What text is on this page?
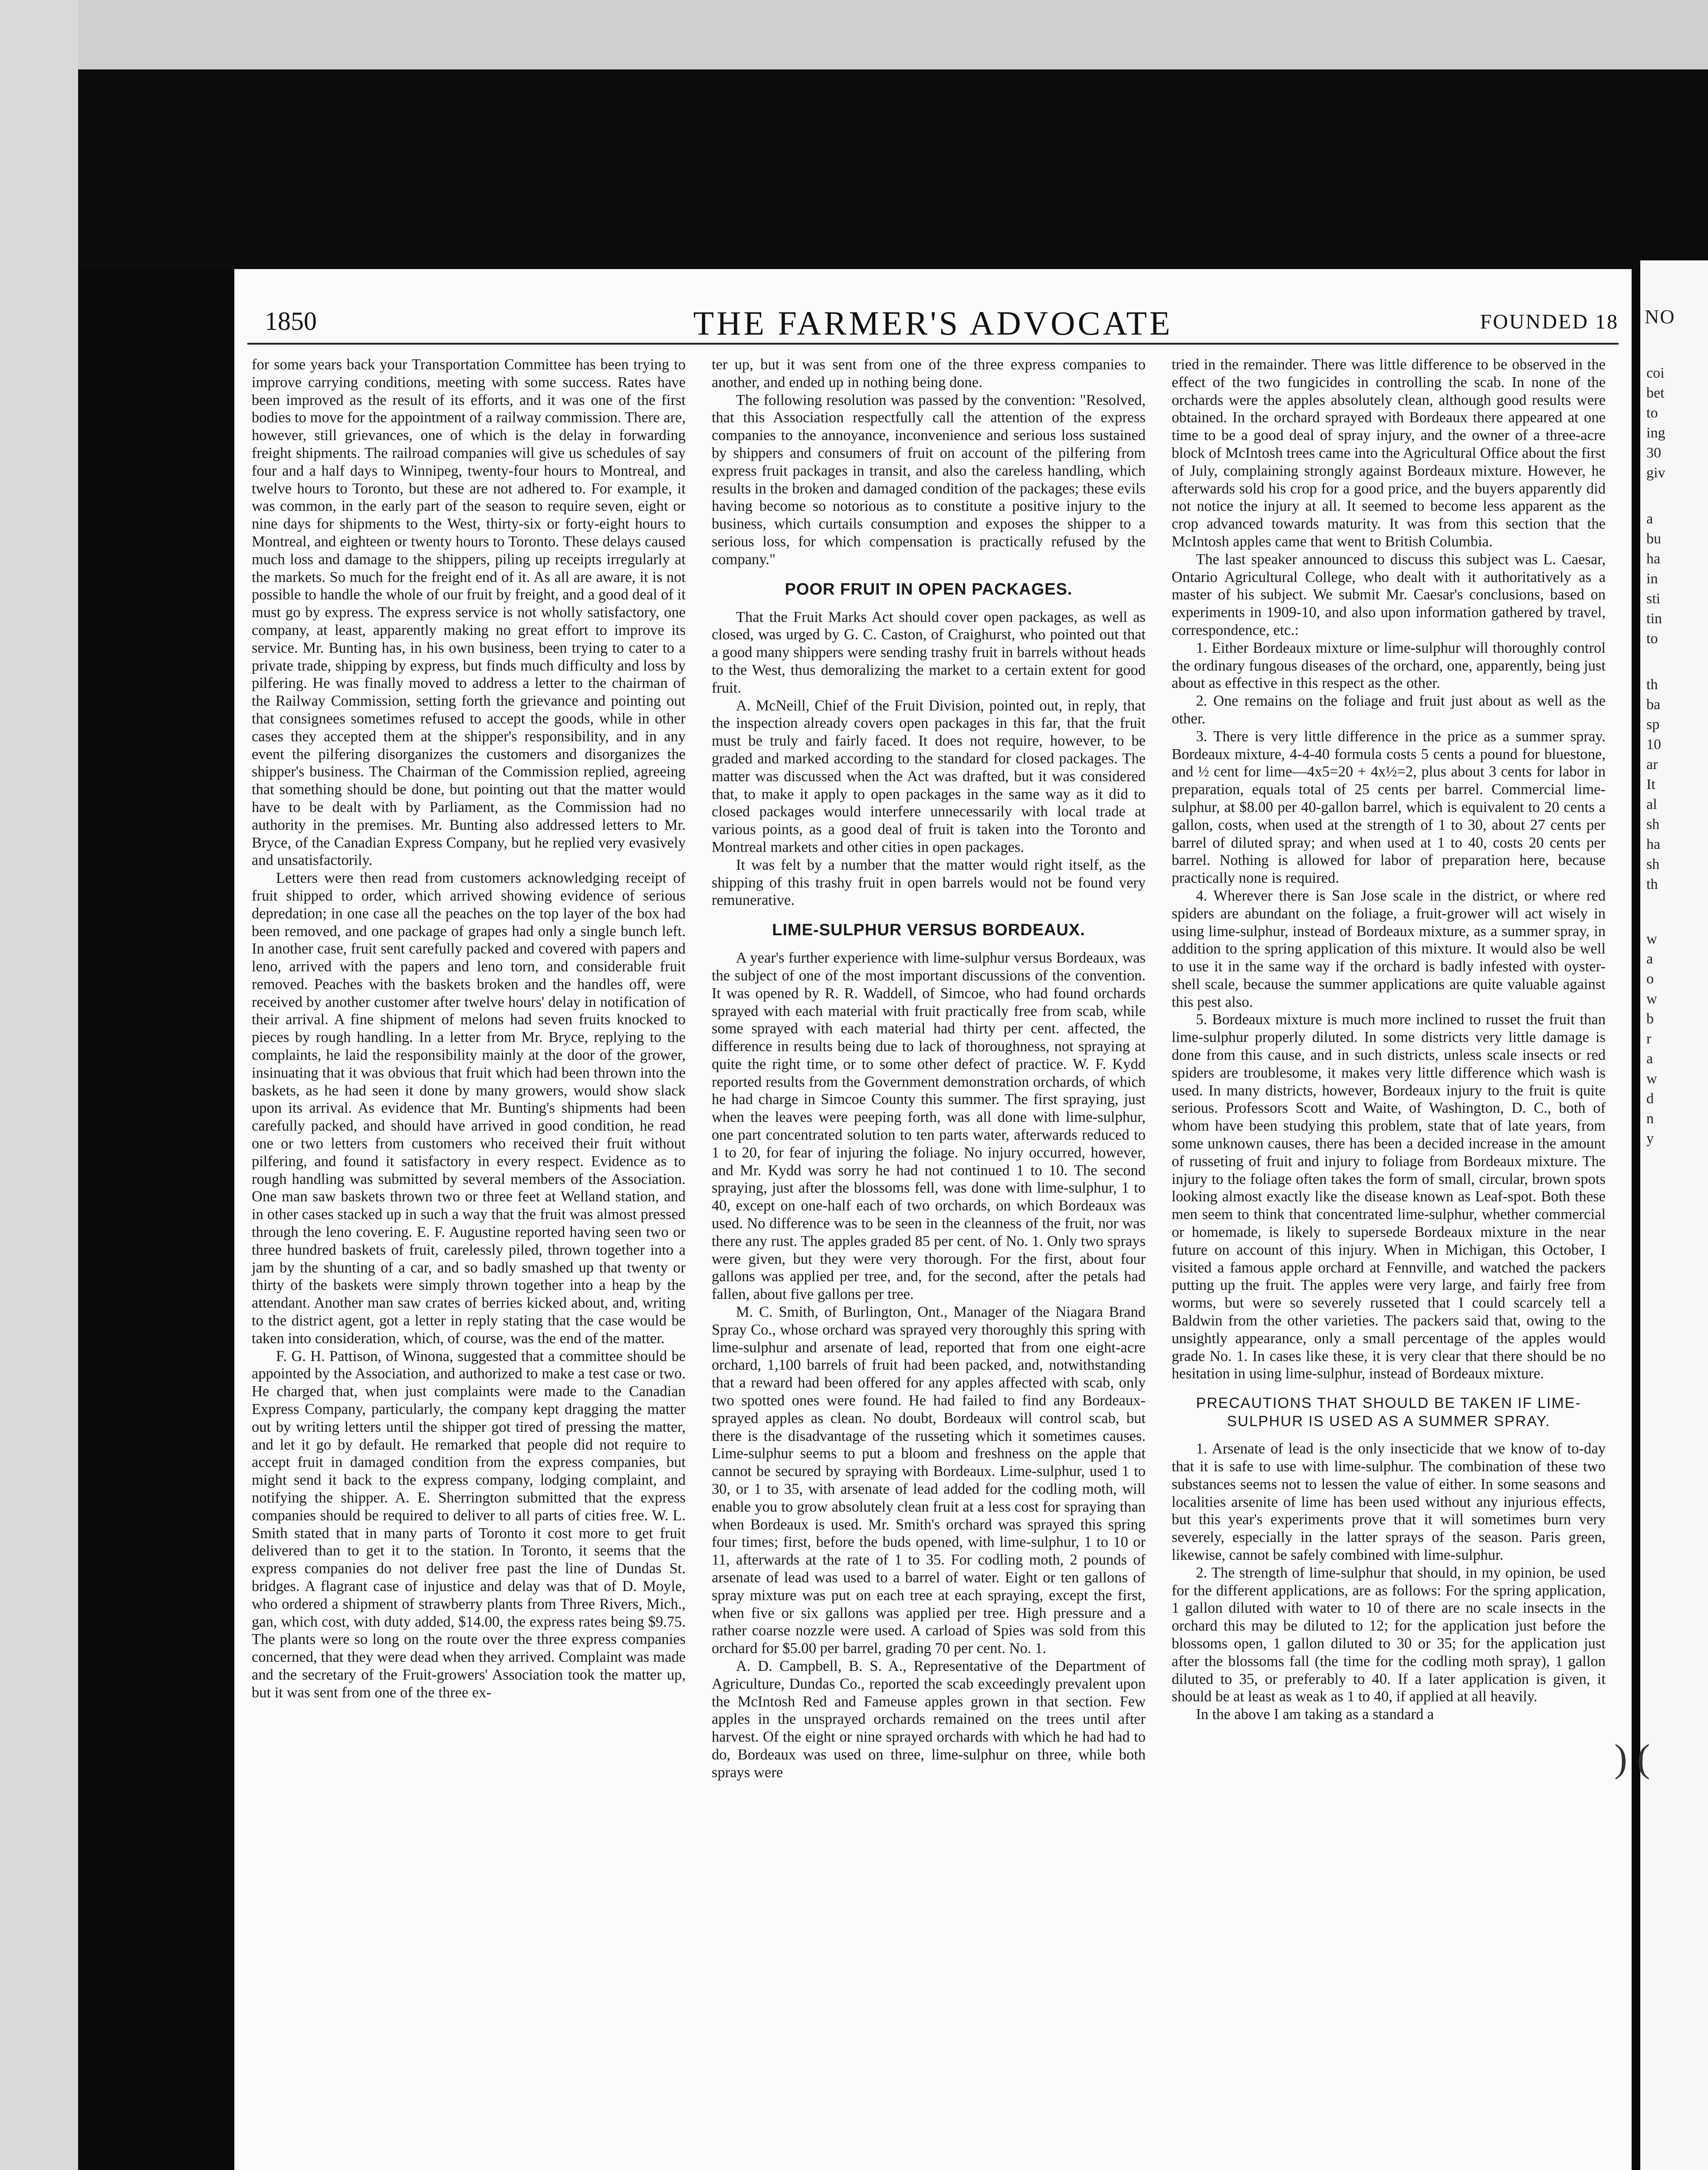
NO
coi
bet
to
ing
30
giv
a
bu
ha
in
sti
tin
to
th
ba
sp
10
ar
It
al
sh
ha
sh
th
w
a
o
w
b
r
a
w
d
n
y
THE FARMER'S ADVOCATE
1850	FOUNDED 18

for some years back your Transportation Committee has been trying to improve carrying conditions, meeting with some success. Rates have been improved as the result of its efforts, and it was one of the first bodies to move for the appointment of a railway commission. There are, however, still grievances, one of which is the delay in forwarding freight shipments. The railroad companies will give us schedules of say four and a half days to Winnipeg, twenty-four hours to Montreal, and twelve hours to Toronto, but these are not adhered to. For example, it was common, in the early part of the season to require seven, eight or nine days for shipments to the West, thirty-six or forty-eight hours to Montreal, and eighteen or twenty hours to Toronto. These delays caused much loss and damage to the shippers, piling up receipts irregularly at the markets. So much for the freight end of it. As all are aware, it is not possible to handle the whole of our fruit by freight, and a good deal of it must go by express. The express service is not wholly satisfactory, one company, at least, apparently making no great effort to improve its service. Mr. Bunting has, in his own business, been trying to cater to a private trade, shipping by express, but finds much difficulty and loss by pilfering. He was finally moved to address a letter to the chairman of the Railway Commission, setting forth the grievance and pointing out that consignees sometimes refused to accept the goods, while in other cases they accepted them at the shipper's responsibility, and in any event the pilfering disorganizes the customers and disorganizes the shipper's business. The Chairman of the Commission replied, agreeing that something should be done, but pointing out that the matter would have to be dealt with by Parliament, as the Commission had no authority in the premises. Mr. Bunting also addressed letters to Mr. Bryce, of the Canadian Express Company, but he replied very evasively and unsatisfactorily.

Letters were then read from customers acknowledging receipt of fruit shipped to order, which arrived showing evidence of serious depredation; in one case all the peaches on the top layer of the box had been removed, and one package of grapes had only a single bunch left. In another case, fruit sent carefully packed and covered with papers and leno, arrived with the papers and leno torn, and considerable fruit removed. Peaches with the baskets broken and the handles off, were received by another customer after twelve hours' delay in notification of their arrival. A fine shipment of melons had seven fruits knocked to pieces by rough handling. In a letter from Mr. Bryce, replying to the complaints, he laid the responsibility mainly at the door of the grower, insinuating that it was obvious that fruit which had been thrown into the baskets, as he had seen it done by many growers, would show slack upon its arrival. As evidence that Mr. Bunting's shipments had been carefully packed, and should have arrived in good condition, he read one or two letters from customers who received their fruit without pilfering, and found it satisfactory in every respect. Evidence as to rough handling was submitted by several members of the Association. One man saw baskets thrown two or three feet at Welland station, and in other cases stacked up in such a way that the fruit was almost pressed through the leno covering. E. F. Augustine reported having seen two or three hundred baskets of fruit, carelessly piled, thrown together into a jam by the shunting of a car, and so badly smashed up that twenty or thirty of the baskets were simply thrown together into a heap by the attendant. Another man saw crates of berries kicked about, and, writing to the district agent, got a letter in reply stating that the case would be taken into consideration, which, of course, was the end of the matter.

F. G. H. Pattison, of Winona, suggested that a committee should be appointed by the Association, and authorized to make a test case or two. He charged that, when just complaints were made to the Canadian Express Company, particularly, the company kept dragging the matter out by writing letters until the shipper got tired of pressing the matter, and let it go by default. He remarked that people did not require to accept fruit in damaged condition from the express companies, but might send it back to the express company, lodging complaint, and notifying the shipper. A. E. Sherrington submitted that the express companies should be required to deliver to all parts of cities free. W. L. Smith stated that in many parts of Toronto it cost more to get fruit delivered than to get it to the station. In Toronto, it seems that the express companies do not deliver free past the line of Dundas St. bridges. A flagrant case of injustice and delay was that of D. Moyle, who ordered a shipment of strawberry plants from Three Rivers, Mich., gan, which cost, with duty added, $14.00, the express rates being $9.75. The plants were so long on the route over the three express companies concerned, that they were dead when they arrived. Complaint was made and the secretary of the Fruit-growers' Association took the matter up, but it was sent from one of the three ex-

ter up, but it was sent from one of the three express companies to another, and ended up in nothing being done.

The following resolution was passed by the convention: "Resolved, that this Association respectfully call the attention of the express companies to the annoyance, inconvenience and serious loss sustained by shippers and consumers of fruit on account of the pilfering from express fruit packages in transit, and also the careless handling, which results in the broken and damaged condition of the packages; these evils having become so notorious as to constitute a positive injury to the business, which curtails consumption and exposes the shipper to a serious loss, for which compensation is practically refused by the company."

POOR FRUIT IN OPEN PACKAGES.

That the Fruit Marks Act should cover open packages, as well as closed, was urged by G. C. Caston, of Craighurst, who pointed out that a good many shippers were sending trashy fruit in barrels without heads to the West, thus demoralizing the market to a certain extent for good fruit.

A. McNeill, Chief of the Fruit Division, pointed out, in reply, that the inspection already covers open packages in this far, that the fruit must be truly and fairly faced. It does not require, however, to be graded and marked according to the standard for closed packages. The matter was discussed when the Act was drafted, but it was considered that, to make it apply to open packages in the same way as it did to closed packages would interfere unnecessarily with local trade at various points, as a good deal of fruit is taken into the Toronto and Montreal markets and other cities in open packages.

It was felt by a number that the matter would right itself, as the shipping of this trashy fruit in open barrels would not be found very remunerative.

LIME-SULPHUR VERSUS BORDEAUX.

A year's further experience with lime-sulphur versus Bordeaux, was the subject of one of the most important discussions of the convention. It was opened by R. R. Waddell, of Simcoe, who had found orchards sprayed with each material with fruit practically free from scab, while some sprayed with each material had thirty per cent. affected, the difference in results being due to lack of thoroughness, not spraying at quite the right time, or to some other defect of practice. W. F. Kydd reported results from the Government demonstration orchards, of which he had charge in Simcoe County this summer. The first spraying, just when the leaves were peeping forth, was all done with lime-sulphur, one part concentrated solution to ten parts water, afterwards reduced to 1 to 20, for fear of injuring the foliage. No injury occurred, however, and Mr. Kydd was sorry he had not continued 1 to 10. The second spraying, just after the blossoms fell, was done with lime-sulphur, 1 to 40, except on one-half each of two orchards, on which Bordeaux was used. No difference was to be seen in the cleanness of the fruit, nor was there any rust. The apples graded 85 per cent. of No. 1. Only two sprays were given, but they were very thorough. For the first, about four gallons was applied per tree, and, for the second, after the petals had fallen, about five gallons per tree.

M. C. Smith, of Burlington, Ont., Manager of the Niagara Brand Spray Co., whose orchard was sprayed very thoroughly this spring with lime-sulphur and arsenate of lead, reported that from one eight-acre orchard, 1,100 barrels of fruit had been packed, and, notwithstanding that a reward had been offered for any apples affected with scab, only two spotted ones were found. He had failed to find any Bordeaux-sprayed apples as clean. No doubt, Bordeaux will control scab, but there is the disadvantage of the russeting which it sometimes causes. Lime-sulphur seems to put a bloom and freshness on the apple that cannot be secured by spraying with Bordeaux. Lime-sulphur, used 1 to 30, or 1 to 35, with arsenate of lead added for the codling moth, will enable you to grow absolutely clean fruit at a less cost for spraying than when Bordeaux is used. Mr. Smith's orchard was sprayed this spring four times; first, before the buds opened, with lime-sulphur, 1 to 10 or 11, afterwards at the rate of 1 to 35. For codling moth, 2 pounds of arsenate of lead was used to a barrel of water. Eight or ten gallons of spray mixture was put on each tree at each spraying, except the first, when five or six gallons was applied per tree. High pressure and a rather coarse nozzle were used. A carload of Spies was sold from this orchard for $5.00 per barrel, grading 70 per cent. No. 1.

A. D. Campbell, B. S. A., Representative of the Department of Agriculture, Dundas Co., reported the scab exceedingly prevalent upon the McIntosh Red and Fameuse apples grown in that section. Few apples in the unsprayed orchards remained on the trees until after harvest. Of the eight or nine sprayed orchards with which he had had to do, Bordeaux was used on three, lime-sulphur on three, while both sprays were

tried in the remainder. There was little difference to be observed in the effect of the two fungicides in controlling the scab. In none of the orchards were the apples absolutely clean, although good results were obtained. In the orchard sprayed with Bordeaux there appeared at one time to be a good deal of spray injury, and the owner of a three-acre block of McIntosh trees came into the Agricultural Office about the first of July, complaining strongly against Bordeaux mixture. However, he afterwards sold his crop for a good price, and the buyers apparently did not notice the injury at all. It seemed to become less apparent as the crop advanced towards maturity. It was from this section that the McIntosh apples came that went to British Columbia.

The last speaker announced to discuss this subject was L. Caesar, Ontario Agricultural College, who dealt with it authoritatively as a master of his subject. We submit Mr. Caesar's conclusions, based on experiments in 1909-10, and also upon information gathered by travel, correspondence, etc.:

1. Either Bordeaux mixture or lime-sulphur will thoroughly control the ordinary fungous diseases of the orchard, one, apparently, being just about as effective in this respect as the other.

2. One remains on the foliage and fruit just about as well as the other.

3. There is very little difference in the price as a summer spray. Bordeaux mixture, 4-4-40 formula costs 5 cents a pound for bluestone, and ½ cent for lime—4x5=20 + 4x½=2, plus about 3 cents for labor in preparation, equals total of 25 cents per barrel. Commercial lime-sulphur, at $8.00 per 40-gallon barrel, which is equivalent to 20 cents a gallon, costs, when used at the strength of 1 to 30, about 27 cents per barrel of diluted spray; and when used at 1 to 40, costs 20 cents per barrel. Nothing is allowed for labor of preparation here, because practically none is required.

4. Wherever there is San Jose scale in the district, or where red spiders are abundant on the foliage, a fruit-grower will act wisely in using lime-sulphur, instead of Bordeaux mixture, as a summer spray, in addition to the spring application of this mixture. It would also be well to use it in the same way if the orchard is badly infested with oyster-shell scale, because the summer applications are quite valuable against this pest also.

5. Bordeaux mixture is much more inclined to russet the fruit than lime-sulphur properly diluted. In some districts very little damage is done from this cause, and in such districts, unless scale insects or red spiders are troublesome, it makes very little difference which wash is used. In many districts, however, Bordeaux injury to the fruit is quite serious. Professors Scott and Waite, of Washington, D. C., both of whom have been studying this problem, state that of late years, from some unknown causes, there has been a decided increase in the amount of russeting of fruit and injury to foliage from Bordeaux mixture. The injury to the foliage often takes the form of small, circular, brown spots looking almost exactly like the disease known as Leaf-spot. Both these men seem to think that concentrated lime-sulphur, whether commercial or homemade, is likely to supersede Bordeaux mixture in the near future on account of this injury. When in Michigan, this October, I visited a famous apple orchard at Fennville, and watched the packers putting up the fruit. The apples were very large, and fairly free from worms, but were so severely russeted that I could scarcely tell a Baldwin from the other varieties. The packers said that, owing to the unsightly appearance, only a small percentage of the apples would grade No. 1. In cases like these, it is very clear that there should be no hesitation in using lime-sulphur, instead of Bordeaux mixture.

PRECAUTIONS THAT SHOULD BE TAKEN IF LIME-SULPHUR IS USED AS A SUMMER SPRAY.

1. Arsenate of lead is the only insecticide that we know of to-day that it is safe to use with lime-sulphur. The combination of these two substances seems not to lessen the value of either. In some seasons and localities arsenite of lime has been used without any injurious effects, but this year's experiments prove that it will sometimes burn very severely, especially in the latter sprays of the season. Paris green, likewise, cannot be safely combined with lime-sulphur.

2. The strength of lime-sulphur that should, in my opinion, be used for the different applications, are as follows: For the spring application, 1 gallon diluted with water to 10 of there are no scale insects in the orchard this may be diluted to 12; for the application just before the blossoms open, 1 gallon diluted to 30 or 35; for the application just after the blossoms fall (the time for the codling moth spray), 1 gallon diluted to 35, or preferably to 40. If a later application is given, it should be at least as weak as 1 to 40, if applied at all heavily.

In the above I am taking as a standard a

) (
